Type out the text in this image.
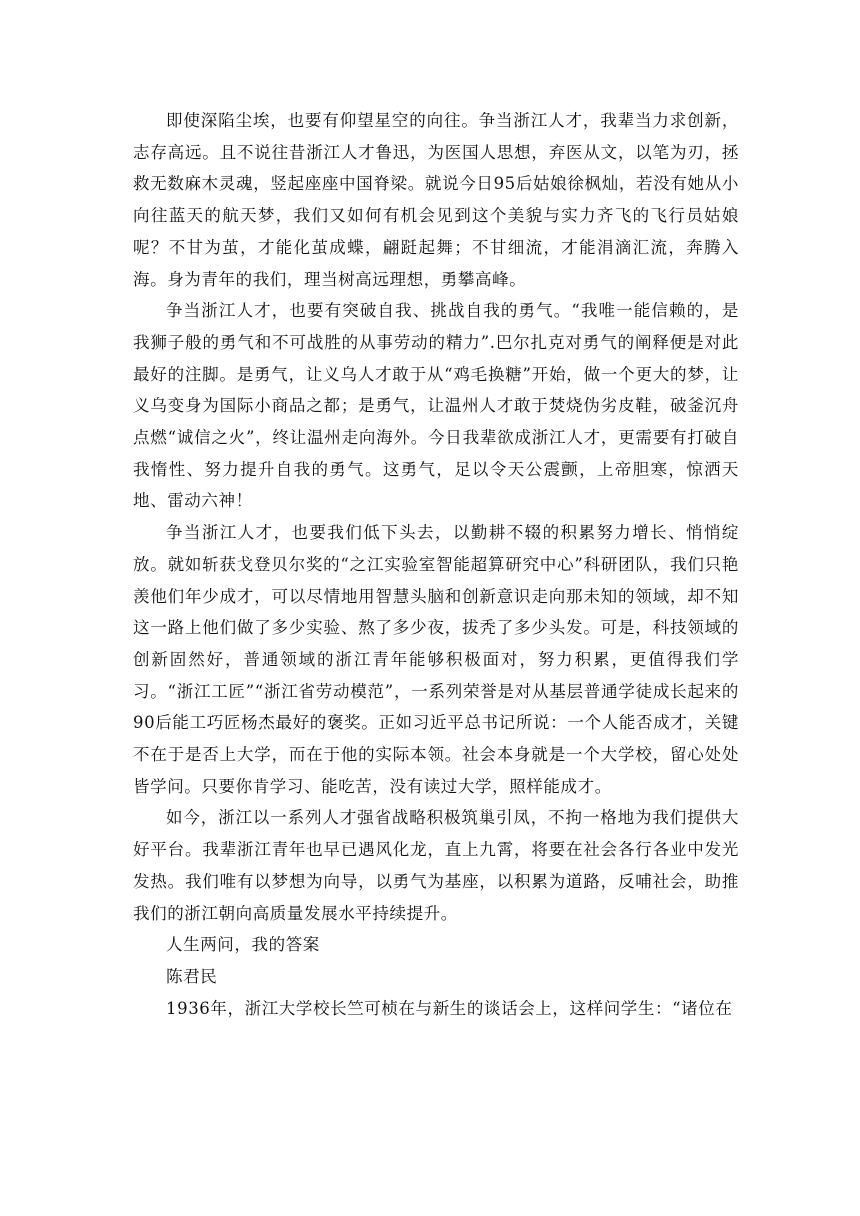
即使深陷尘埃，也要有仰望星空的向往。争当浙江人才，我辈当力求创新，志存高远。且不说往昔浙江人才鲁迅，为医国人思想，弃医从文，以笔为刃，拯救无数麻木灵魂，竖起座座中国脊梁。就说今日95后姑娘徐枫灿，若没有她从小向往蓝天的航天梦，我们又如何有机会见到这个美貌与实力齐飞的飞行员姑娘呢？不甘为茧，才能化茧成蝶，翩跹起舞；不甘细流，才能涓滴汇流，奔腾入海。身为青年的我们，理当树高远理想，勇攀高峰。

争当浙江人才，也要有突破自我、挑战自我的勇气。“我唯一能信赖的，是我狮子般的勇气和不可战胜的从事劳动的精力”.巴尔扎克对勇气的阐释便是对此最好的注脚。是勇气，让义乌人才敢于从“鸡毛换糖”开始，做一个更大的梦，让义乌变身为国际小商品之都；是勇气，让温州人才敢于焚烧伪劣皮鞋，破釜沉舟点燃“诚信之火”，终让温州走向海外。今日我辈欲成浙江人才，更需要有打破自我惰性、努力提升自我的勇气。这勇气，足以令天公震颤，上帝胆寒，惊洒天地、雷动六神！

争当浙江人才，也要我们低下头去，以勤耕不辍的积累努力增长、悄悄绽放。就如斩获戈登贝尔奖的“之江实验室智能超算研究中心”科研团队，我们只艳羡他们年少成才，可以尽情地用智慧头脑和创新意识走向那未知的领域，却不知这一路上他们做了多少实验、熬了多少夜，拔秃了多少头发。可是，科技领域的创新固然好，普通领域的浙江青年能够积极面对，努力积累，更值得我们学习。“浙江工匠”“浙江省劳动模范”，一系列荣誉是对从基层普通学徒成长起来的90后能工巧匠杨杰最好的褒奖。正如习近平总书记所说：一个人能否成才，关键不在于是否上大学，而在于他的实际本领。社会本身就是一个大学校，留心处处皆学问。只要你肯学习、能吃苦，没有读过大学，照样能成才。

如今，浙江以一系列人才强省战略积极筑巢引凤，不拘一格地为我们提供大好平台。我辈浙江青年也早已遇风化龙，直上九霄，将要在社会各行各业中发光发热。我们唯有以梦想为向导，以勇气为基座，以积累为道路，反哺社会，助推我们的浙江朝向高质量发展水平持续提升。

人生两问，我的答案

陈君民

1936年，浙江大学校长竺可桢在与新生的谈话会上，这样问学生：“诸位在
